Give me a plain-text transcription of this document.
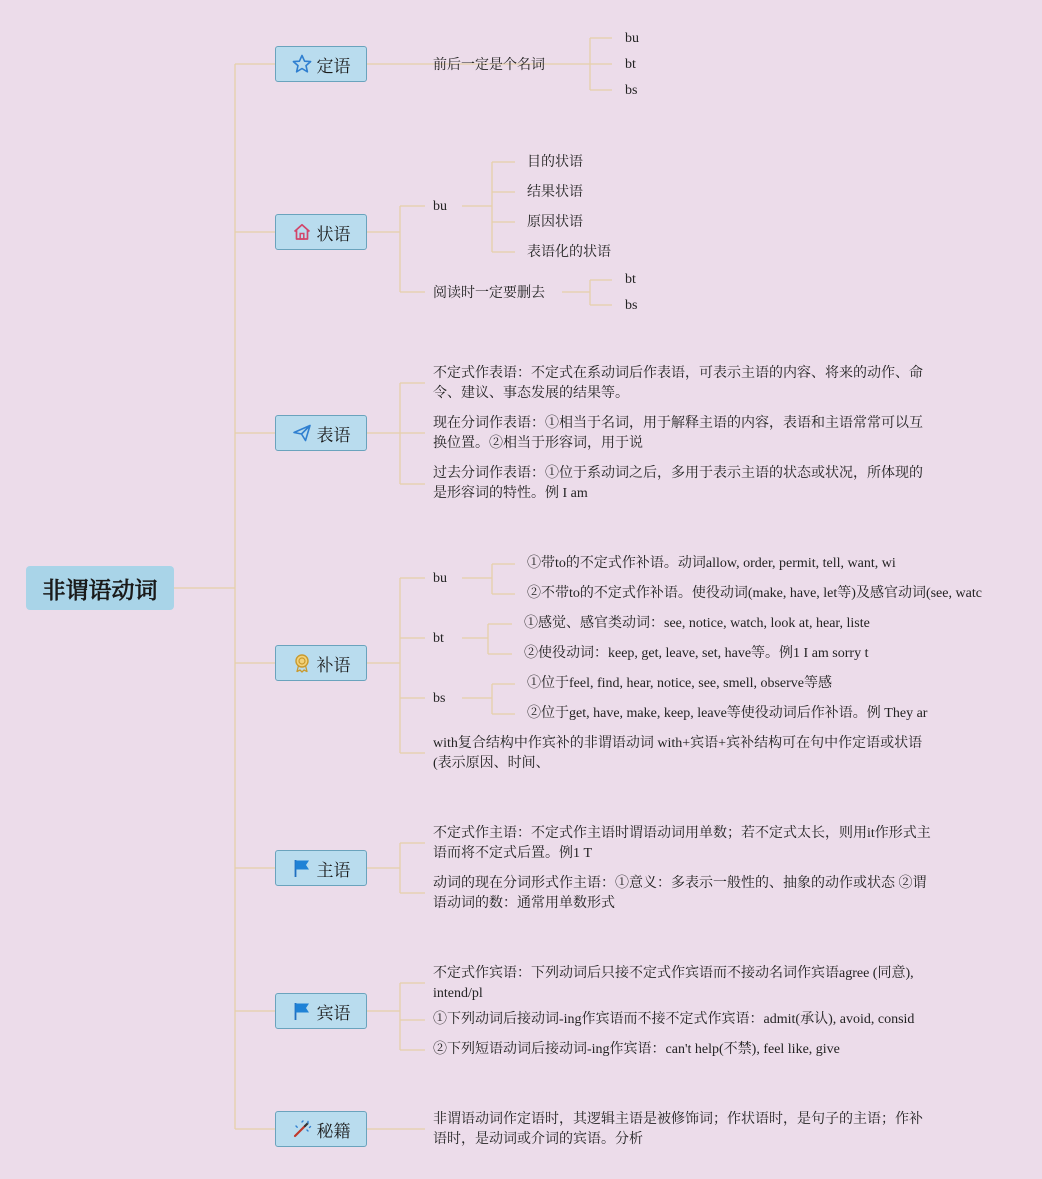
非谓语动词
定语	前后一定是个名词
bu
bt
bs
状语
bu
目的状语
结果状语
原因状语
表语化的状语
阅读时一定要删去
bt
bs
表语
不定式作表语：不定式在系动词后作表语，可表示主语的内容、将来的动作、命令、建议、事态发展的结果等。
现在分词作表语：①相当于名词，用于解释主语的内容，表语和主语常常可以互换位置。②相当于形容词，用于说
过去分词作表语：①位于系动词之后，多用于表示主语的状态或状况，所体现的是形容词的特性。例 I am
补语
bu
①带to的不定式作补语。动词allow, order, permit, tell, want, wi
②不带to的不定式作补语。使役动词(make, have, let等)及感官动词(see, watc
bt
①感觉、感官类动词：see, notice, watch, look at, hear, liste
②使役动词：keep, get, leave, set, have等。例1 I am sorry t
bs
①位于feel, find, hear, notice, see, smell, observe等感
②位于get, have, make, keep, leave等使役动词后作补语。例 They ar
with复合结构中作宾补的非谓语动词 with+宾语+宾补结构可在句中作定语或状语(表示原因、时间、
主语
不定式作主语：不定式作主语时谓语动词用单数；若不定式太长，则用it作形式主语而将不定式后置。例1 T
动词的现在分词形式作主语：①意义：多表示一般性的、抽象的动作或状态 ②谓语动词的数：通常用单数形式
宾语
不定式作宾语：下列动词后只接不定式作宾语而不接动名词作宾语agree (同意), intend/pl
①下列动词后接动词-ing作宾语而不接不定式作宾语：admit(承认), avoid, consid
②下列短语动词后接动词-ing作宾语：can't help(不禁), feel like, give
秘籍
非谓语动词作定语时，其逻辑主语是被修饰词；作状语时，是句子的主语；作补语时，是动词或介词的宾语。分析
